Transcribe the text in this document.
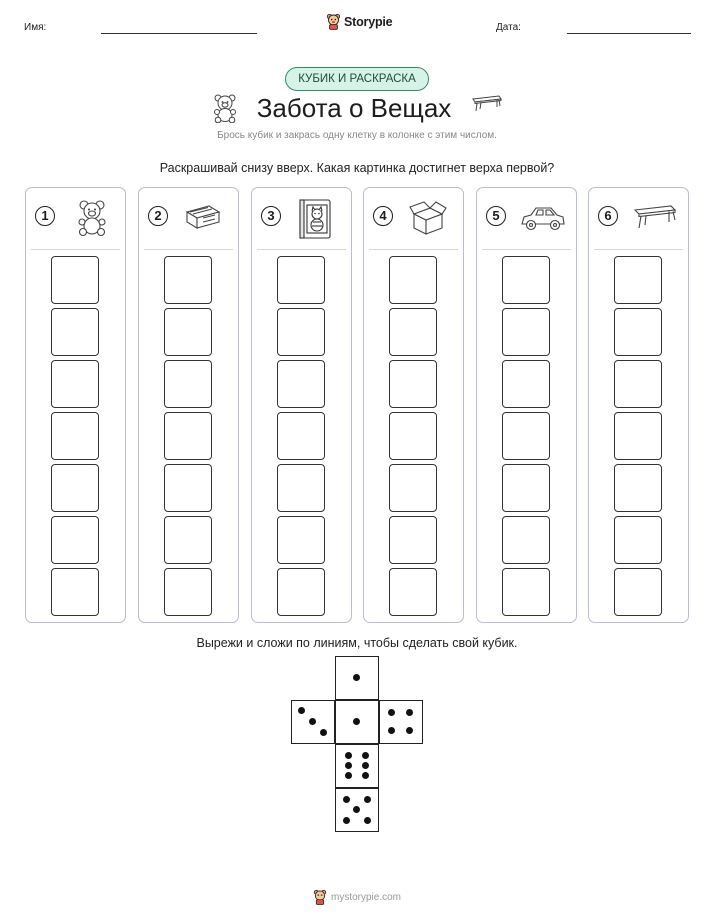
Имя:	Storypie	Дата:
КУБИК И РАСКРАСКА
Забота о Вещах
Брось кубик и закрась одну клетку в колонке с этим числом.
Раскрашивай снизу вверх. Какая картинка достигнет верха первой?
1	2	3	4	5	6
Вырежи и сложи по линиям, чтобы сделать свой кубик.
mystorypie.com
